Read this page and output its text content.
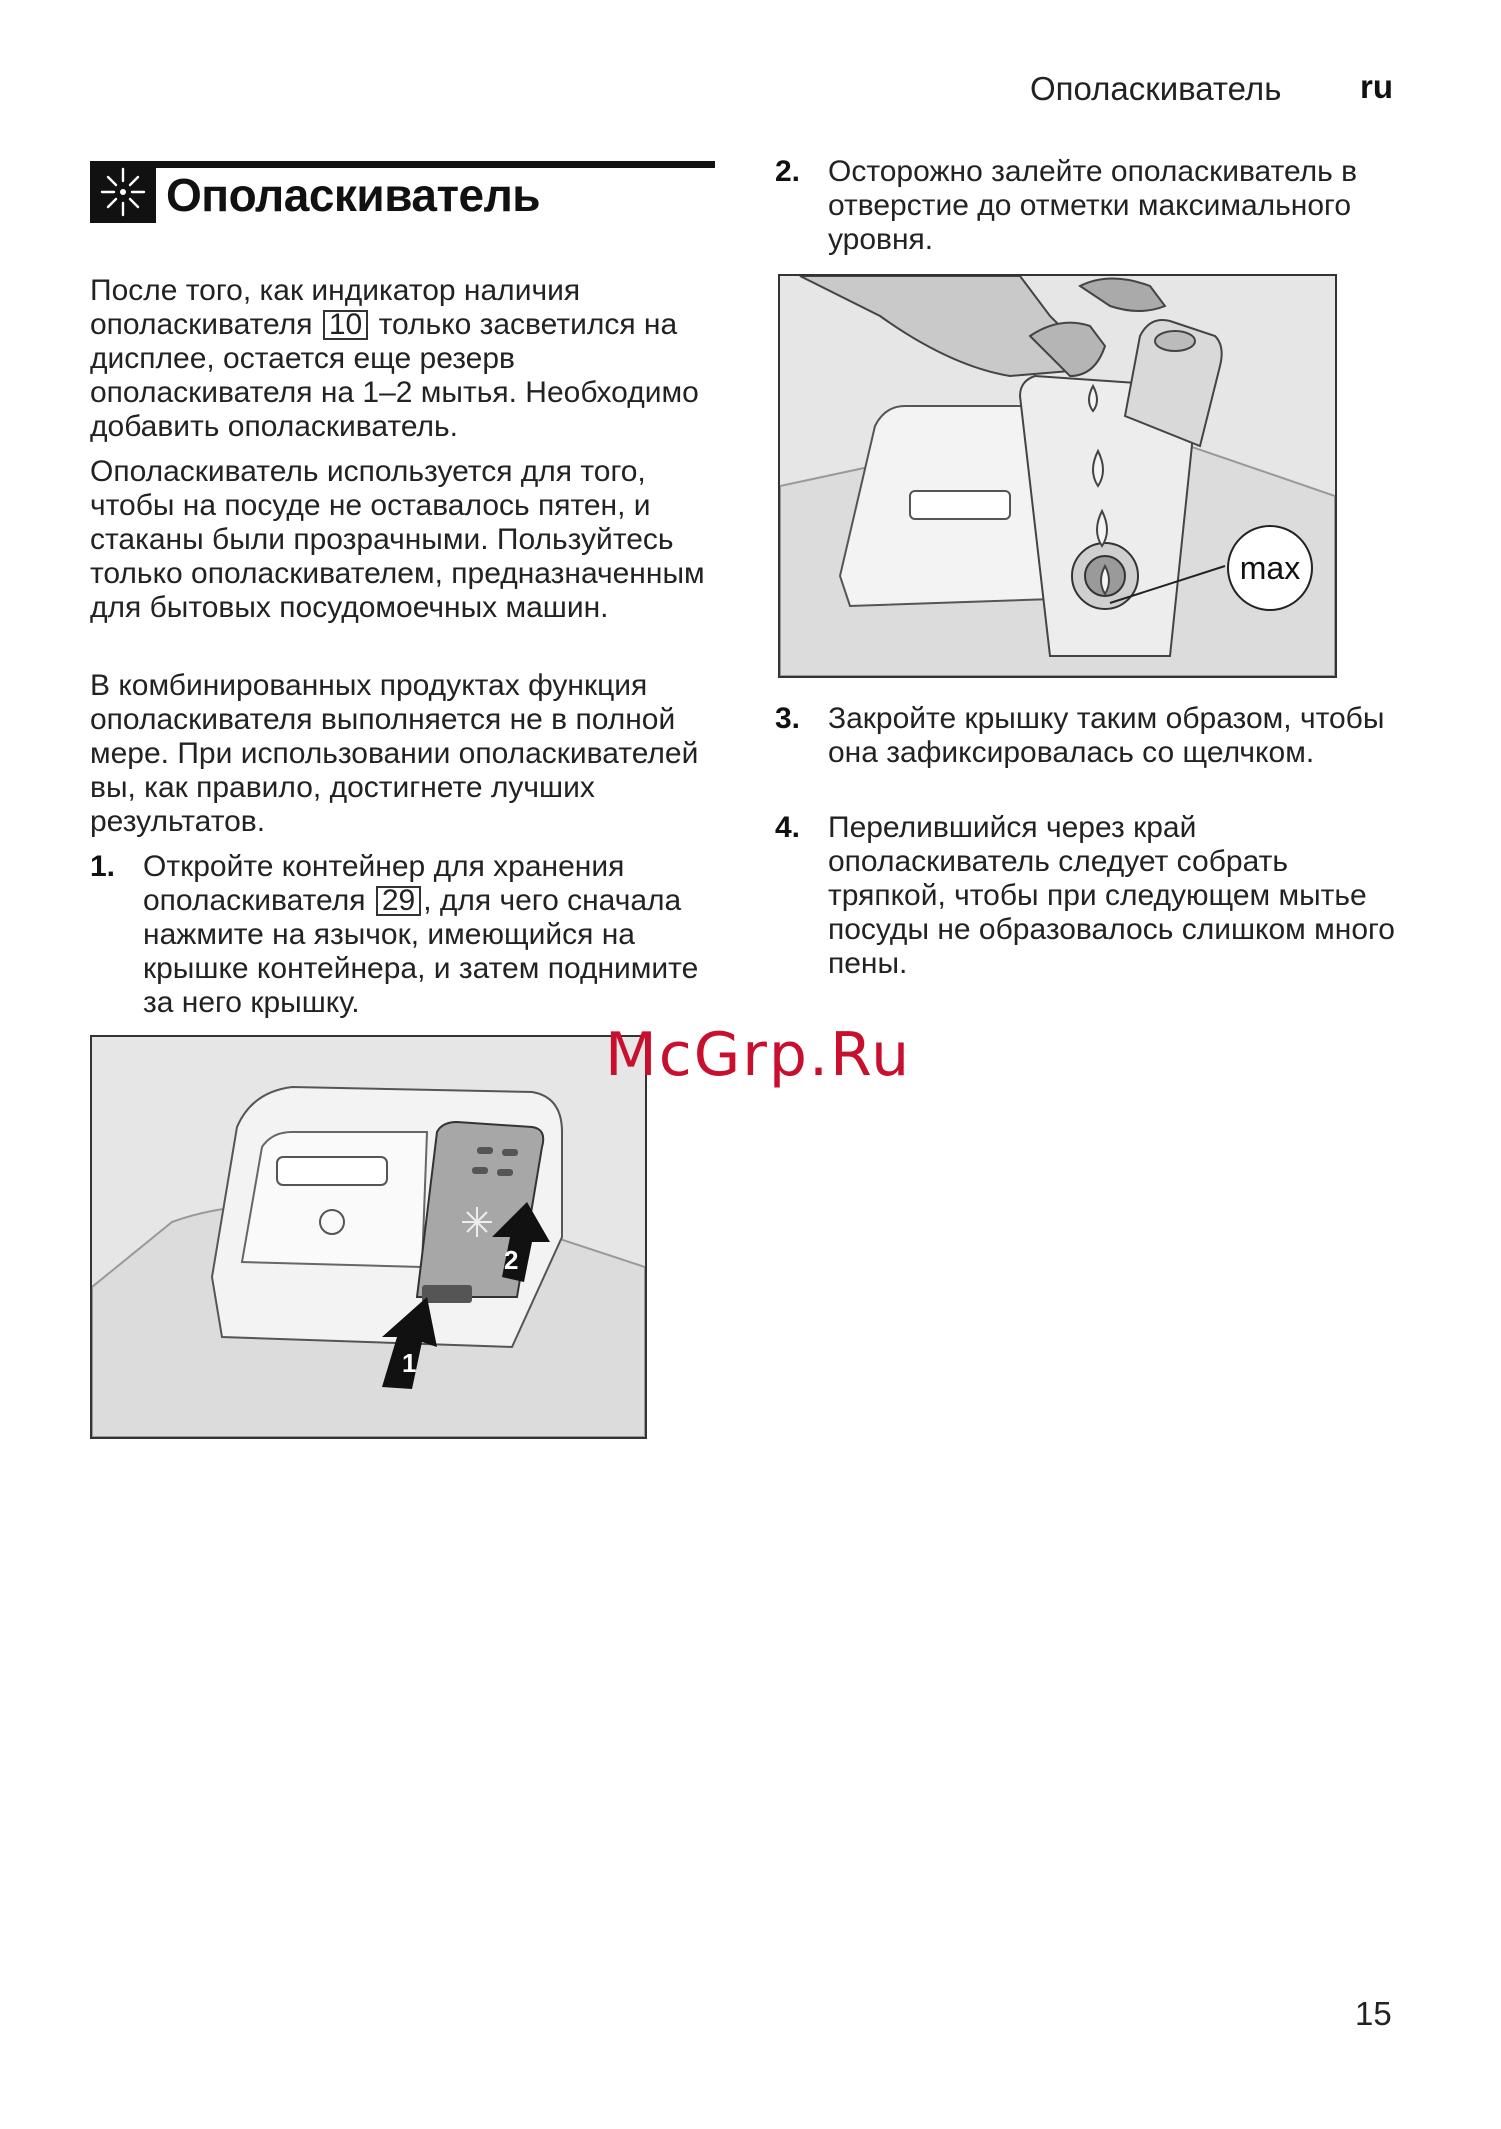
Ополаскиватель ru
Ополаскиватель
После того, как индикатор наличия ополаскивателя 10 только засветился на дисплее, остается еще резерв ополаскивателя на 1–2 мытья. Необходимо добавить ополаскиватель.
Ополаскиватель используется для того, чтобы на посуде не оставалось пятен, и стаканы были прозрачными. Пользуйтесь только ополаскивателем, предназначенным для бытовых посудомоечных машин.
В комбинированных продуктах функция ополаскивателя выполняется не в полной мере. При использовании ополаскивателей вы, как правило, достигнете лучших результатов.
1. Откройте контейнер для хранения ополаскивателя 29 , для чего сначала нажмите на язычок, имеющийся на крышке контейнера, и затем поднимите за него крышку.
1
2
2. Осторожно залейте ополаскиватель в отверстие до отметки максимального уровня.
max
3. Закройте крышку таким образом, чтобы она зафиксировалась со щелчком.
4. Перелившийся через край ополаскиватель следует собрать тряпкой, чтобы при следующем мытье посуды не образовалось слишком много пены.
McGrp.Ru
15
